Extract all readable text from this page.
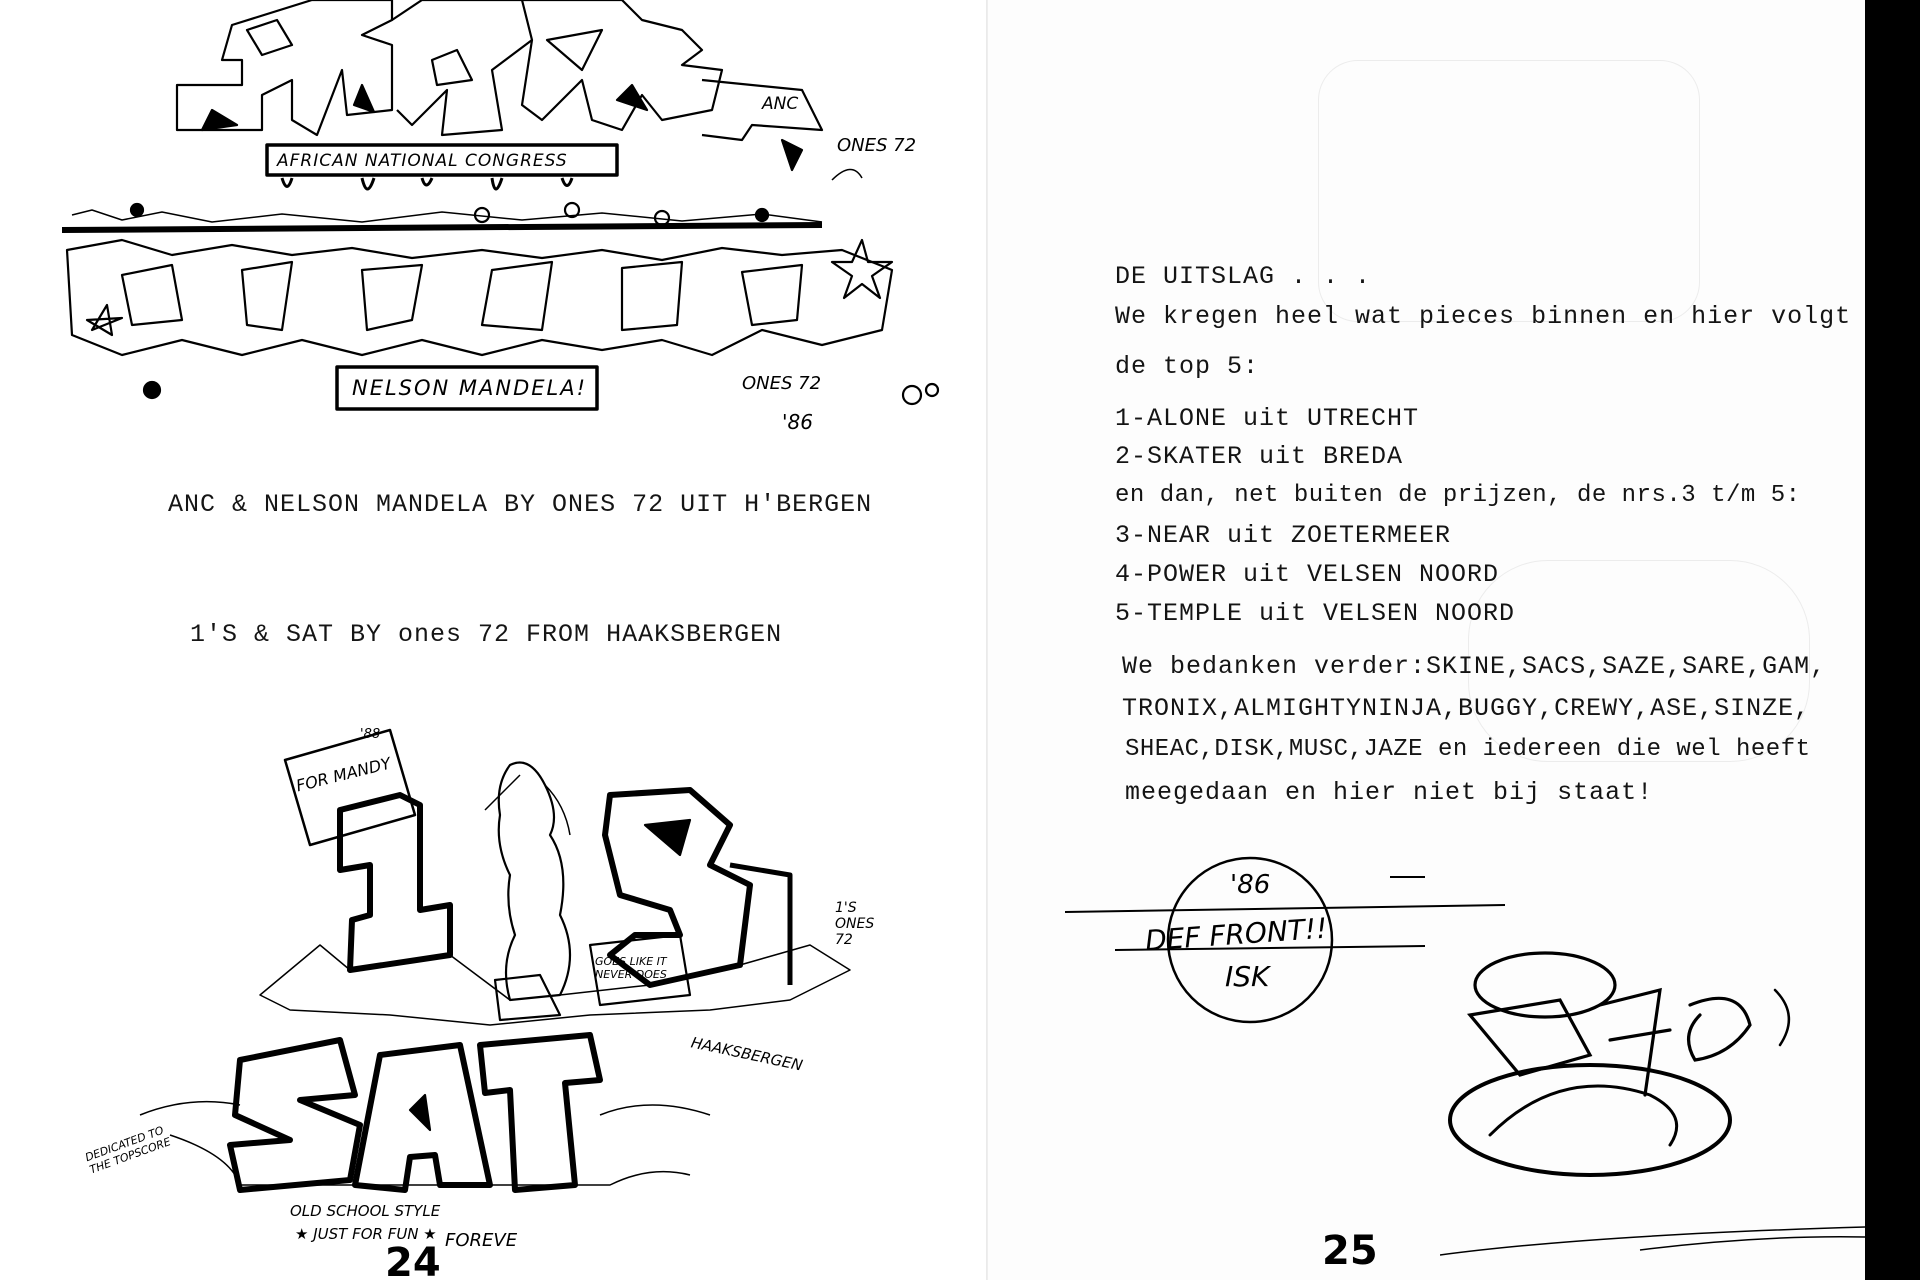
AFRICAN NATIONAL CONGRESS
NELSON MANDELA!
ANC
ONES 72
ONES 72
'86
ANC & NELSON MANDELA BY ONES 72 UIT H'BERGEN
1'S & SAT BY ones 72 FROM HAAKSBERGEN
FOR MANDY
'88
GOES LIKE IT NEVER DOES
1'S ONES 72
HAAKSBERGEN
OLD SCHOOL STYLE
★ JUST FOR FUN ★
DEDICATED TO THE TOPSCORE
FOREVE
24
DE UITSLAG . . .
We kregen heel wat pieces binnen en hier volgt
de top 5:
1-ALONE uit UTRECHT
2-SKATER uit BREDA
en dan, net buiten de prijzen, de nrs.3 t/m 5:
3-NEAR uit ZOETERMEER
4-POWER uit VELSEN NOORD
5-TEMPLE uit VELSEN NOORD
We bedanken verder:SKINE,SACS,SAZE,SARE,GAM,
TRONIX,ALMIGHTYNINJA,BUGGY,CREWY,ASE,SINZE,
SHEAC,DISK,MUSC,JAZE en iedereen die wel heeft
meegedaan en hier niet bij staat!
'86
DEF FRONT!!
ISK
25
